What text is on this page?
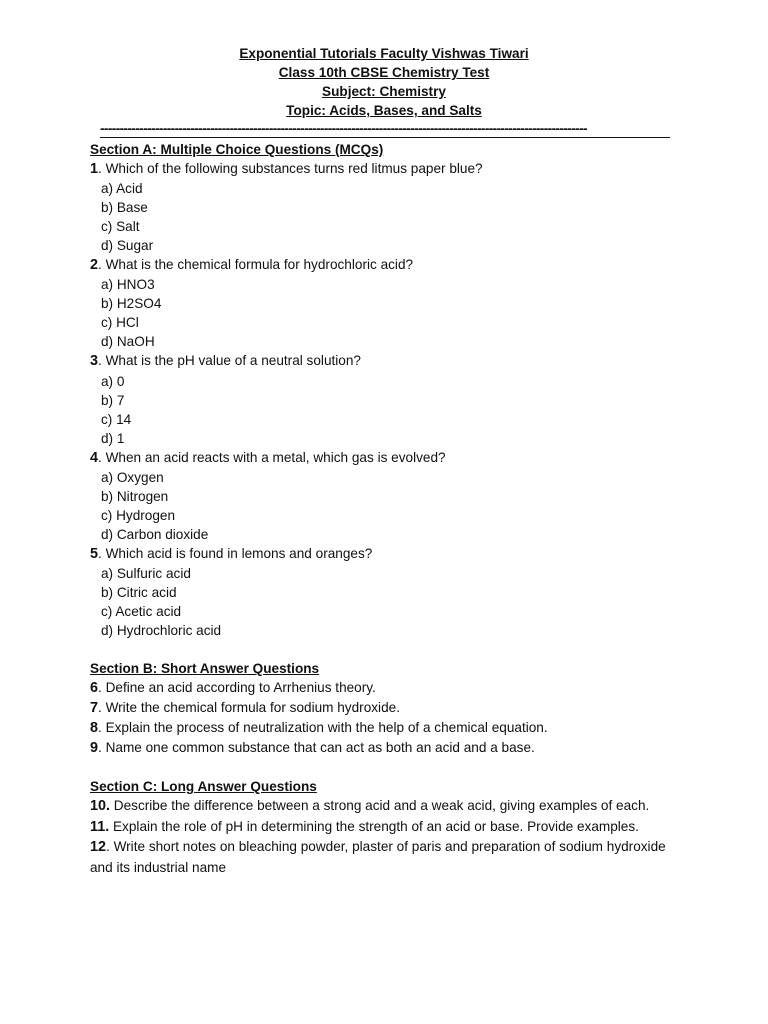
Exponential Tutorials Faculty Vishwas Tiwari
Class 10th CBSE Chemistry Test
Subject: Chemistry
Topic: Acids, Bases, and Salts
----------------------------------------------------------------------------------------------------------------------------
Section A: Multiple Choice Questions (MCQs)
1. Which of the following substances turns red litmus paper blue?
a) Acid
b) Base
c) Salt
d) Sugar
2. What is the chemical formula for hydrochloric acid?
a) HNO3
b) H2SO4
c) HCl
d) NaOH
3. What is the pH value of a neutral solution?
a) 0
b) 7
c) 14
d) 1
4. When an acid reacts with a metal, which gas is evolved?
a) Oxygen
b) Nitrogen
c) Hydrogen
d) Carbon dioxide
5. Which acid is found in lemons and oranges?
a) Sulfuric acid
b) Citric acid
c) Acetic acid
d) Hydrochloric acid
Section B: Short Answer Questions
6. Define an acid according to Arrhenius theory.
7. Write the chemical formula for sodium hydroxide.
8. Explain the process of neutralization with the help of a chemical equation.
9. Name one common substance that can act as both an acid and a base.
Section C: Long Answer Questions
10. Describe the difference between a strong acid and a weak acid, giving examples of each.
11. Explain the role of pH in determining the strength of an acid or base. Provide examples.
12. Write short notes on bleaching powder, plaster of paris and preparation of sodium hydroxide and its industrial name
